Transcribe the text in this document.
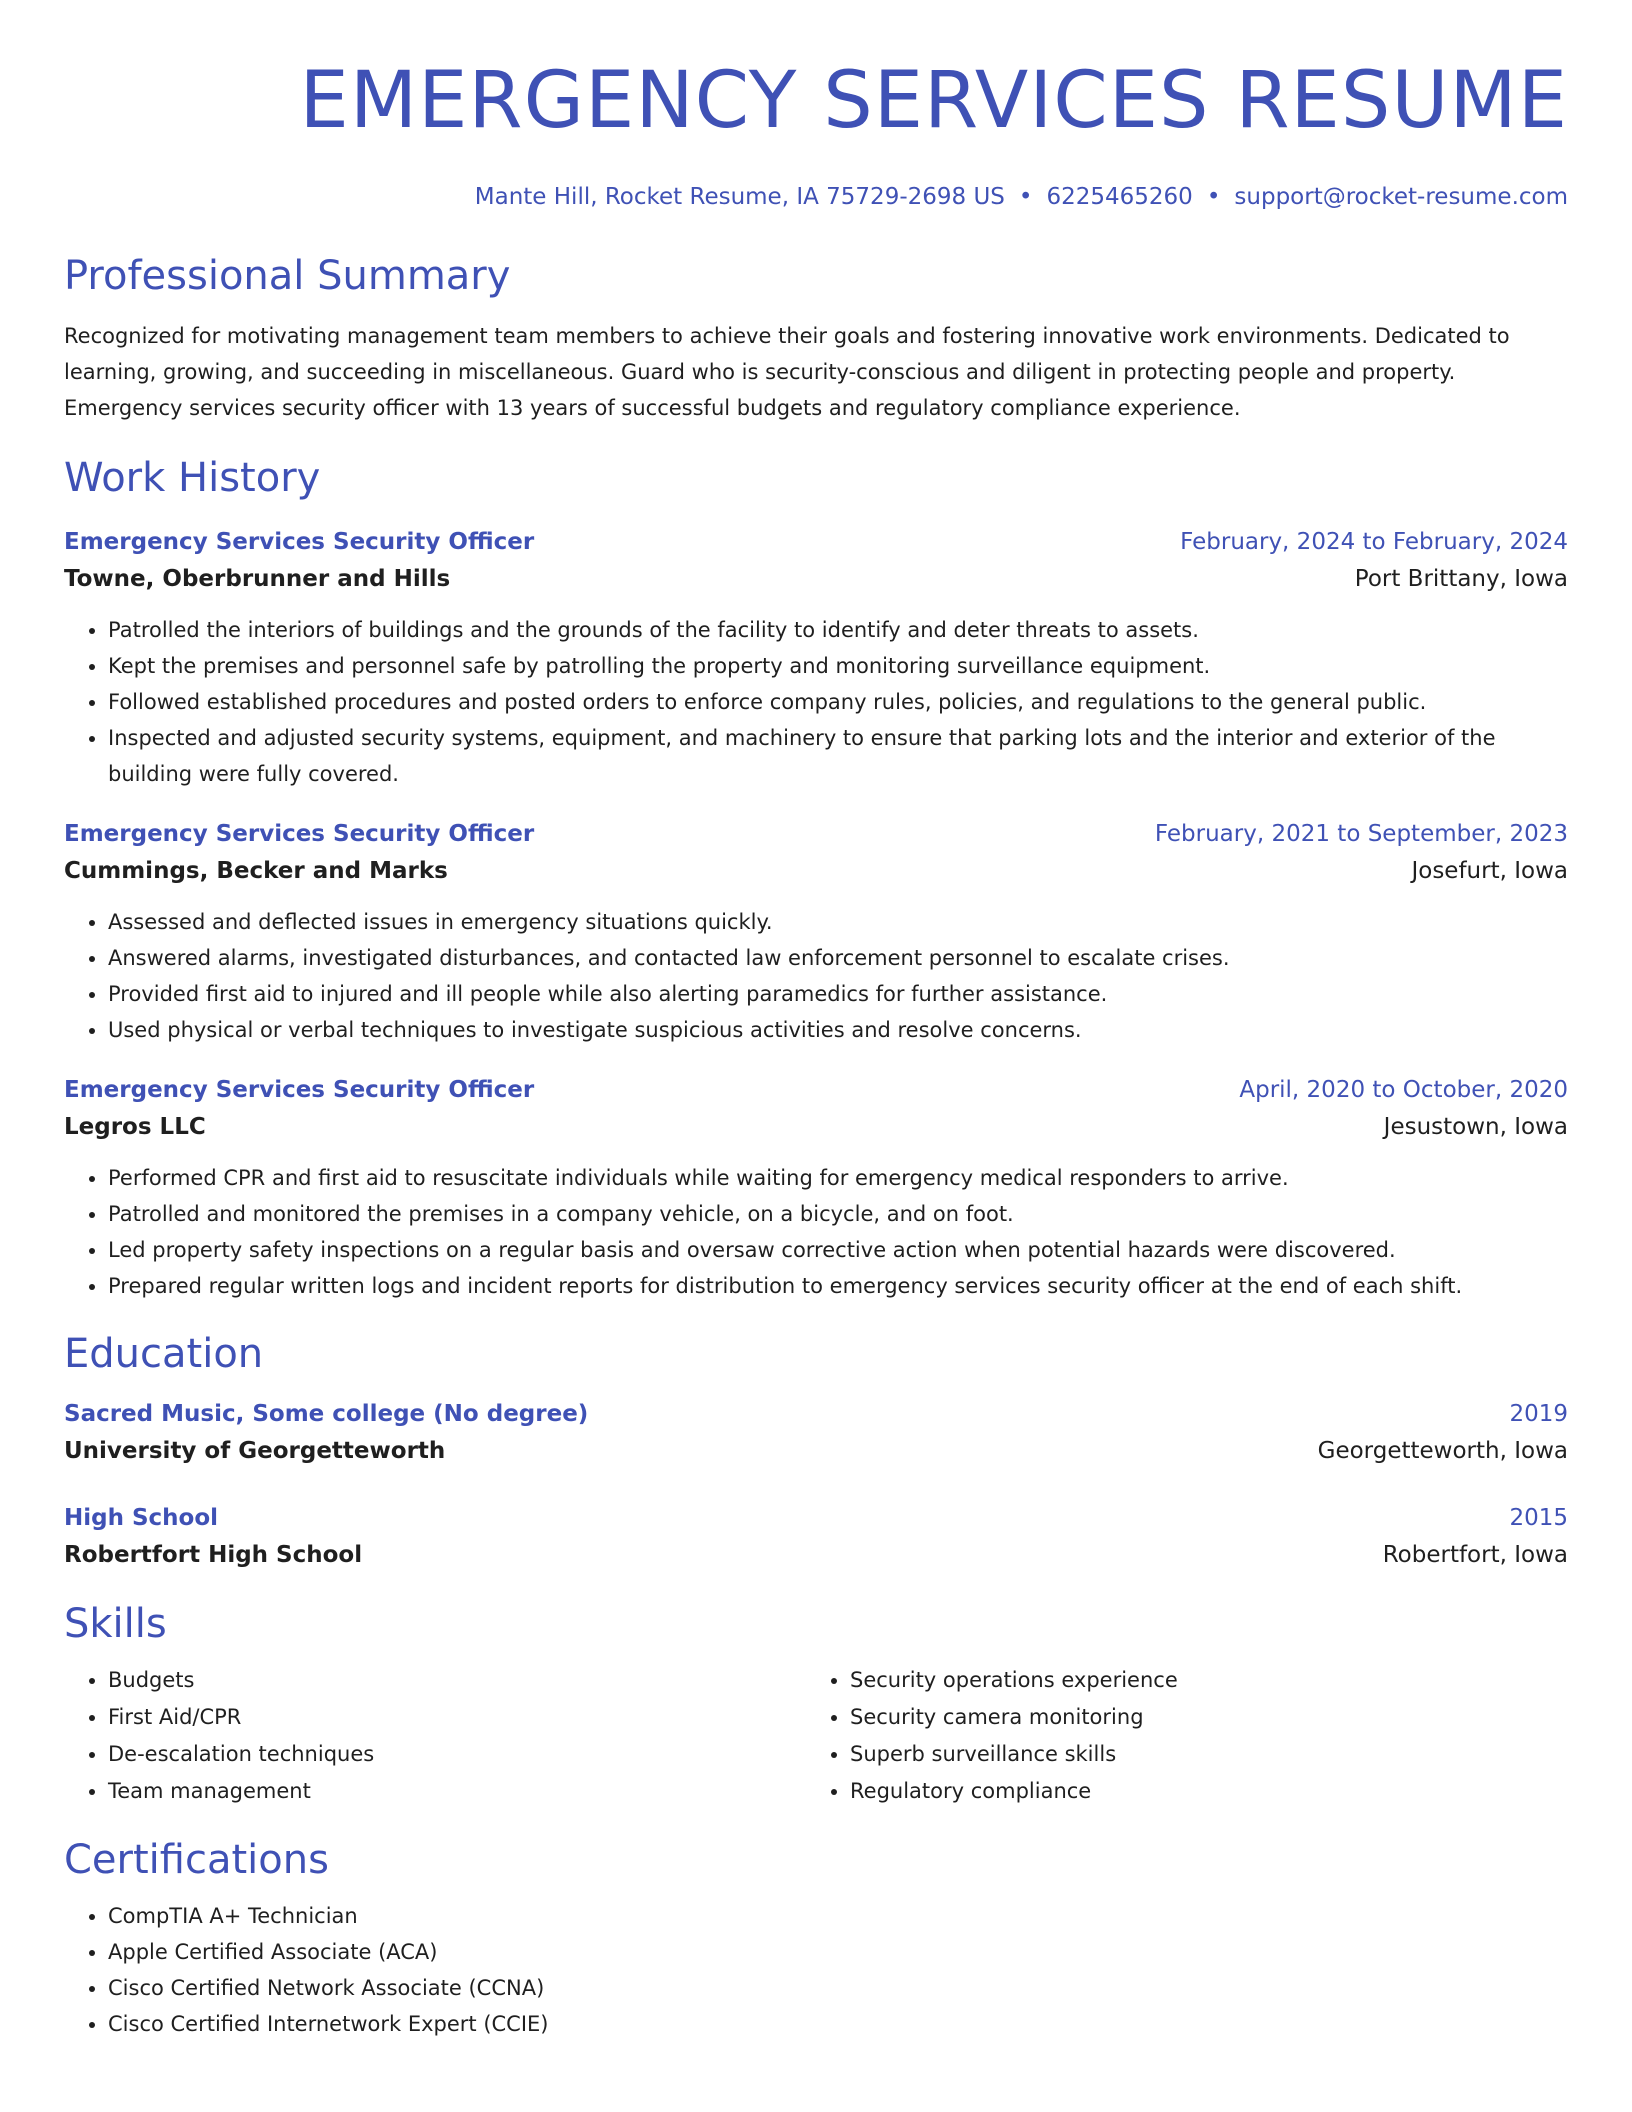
EMERGENCY SERVICES RESUME
Mante Hill, Rocket Resume, IA 75729-2698 US • 6225465260 • support@rocket-resume.com
Professional Summary
Recognized for motivating management team members to achieve their goals and fostering innovative work environments. Dedicated to learning, growing, and succeeding in miscellaneous. Guard who is security-conscious and diligent in protecting people and property. Emergency services security officer with 13 years of successful budgets and regulatory compliance experience.
Work History
Emergency Services Security Officer	February, 2024 to February, 2024
Towne, Oberbrunner and Hills	Port Brittany, Iowa
• Patrolled the interiors of buildings and the grounds of the facility to identify and deter threats to assets.
• Kept the premises and personnel safe by patrolling the property and monitoring surveillance equipment.
• Followed established procedures and posted orders to enforce company rules, policies, and regulations to the general public.
• Inspected and adjusted security systems, equipment, and machinery to ensure that parking lots and the interior and exterior of the building were fully covered.
Emergency Services Security Officer	February, 2021 to September, 2023
Cummings, Becker and Marks	Josefurt, Iowa
• Assessed and deflected issues in emergency situations quickly.
• Answered alarms, investigated disturbances, and contacted law enforcement personnel to escalate crises.
• Provided first aid to injured and ill people while also alerting paramedics for further assistance.
• Used physical or verbal techniques to investigate suspicious activities and resolve concerns.
Emergency Services Security Officer	April, 2020 to October, 2020
Legros LLC	Jesustown, Iowa
• Performed CPR and first aid to resuscitate individuals while waiting for emergency medical responders to arrive.
• Patrolled and monitored the premises in a company vehicle, on a bicycle, and on foot.
• Led property safety inspections on a regular basis and oversaw corrective action when potential hazards were discovered.
• Prepared regular written logs and incident reports for distribution to emergency services security officer at the end of each shift.
Education
Sacred Music, Some college (No degree)	2019
University of Georgetteworth	Georgetteworth, Iowa
High School	2015
Robertfort High School	Robertfort, Iowa
Skills
• Budgets
• First Aid/CPR
• De-escalation techniques
• Team management
• Security operations experience
• Security camera monitoring
• Superb surveillance skills
• Regulatory compliance
Certifications
• CompTIA A+ Technician
• Apple Certified Associate (ACA)
• Cisco Certified Network Associate (CCNA)
• Cisco Certified Internetwork Expert (CCIE)
